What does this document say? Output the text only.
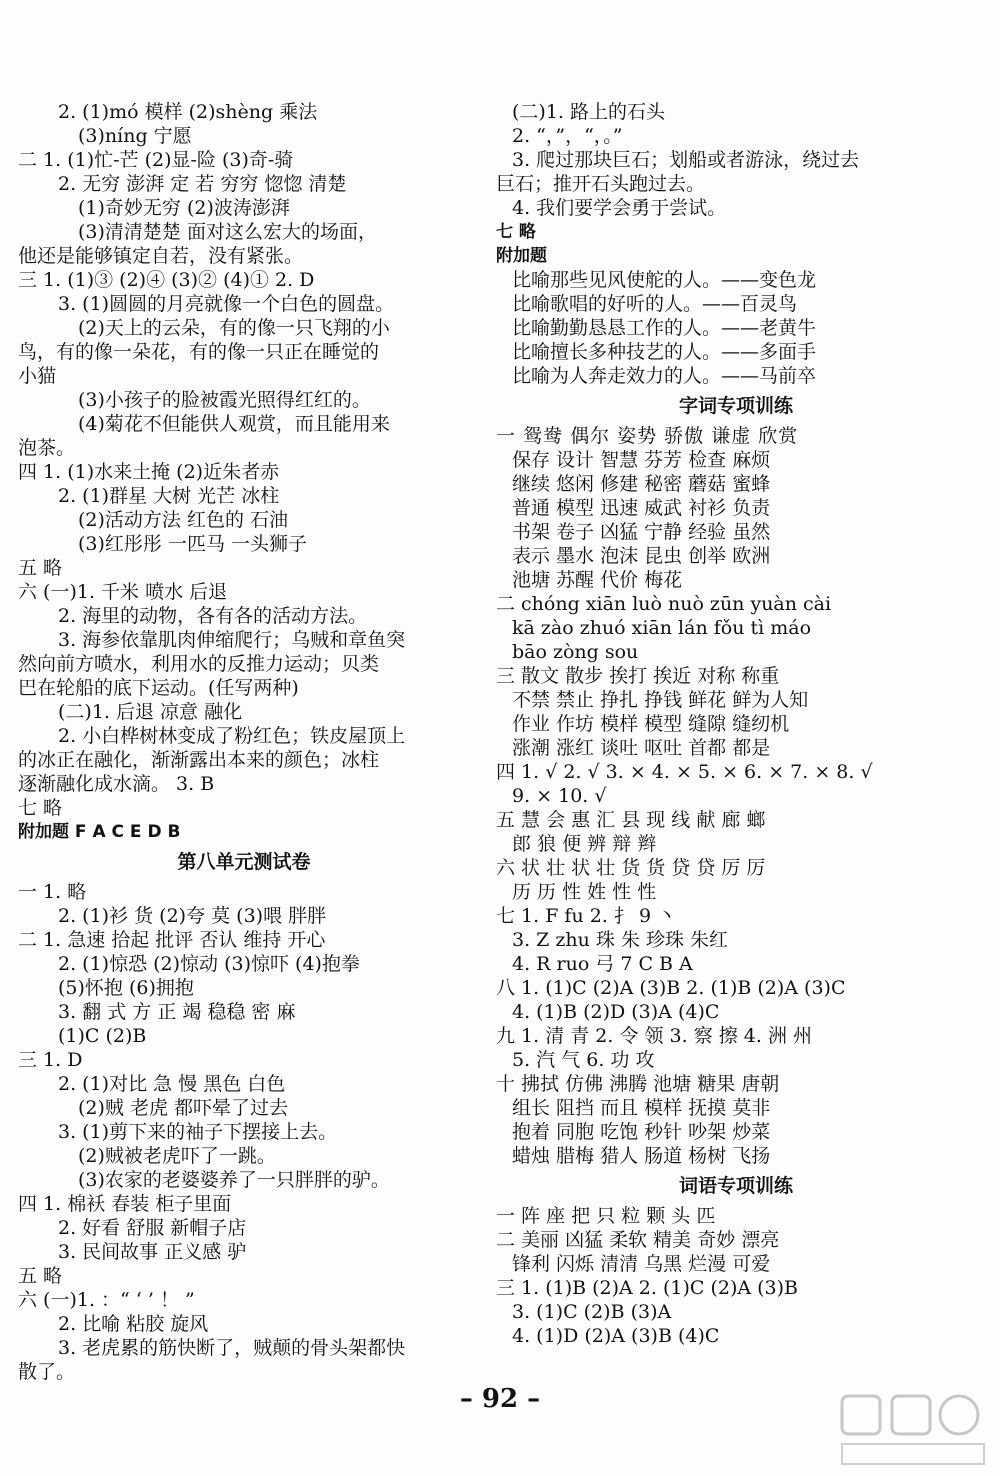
2. (1)mó 模样 (2)shèng 乘法
(3)níng 宁愿
二 1. (1)忙-芒 (2)显-险 (3)奇-骑
2. 无穷 澎湃 定 若 穷穷 惚惚 清楚
(1)奇妙无穷 (2)波涛澎湃
(3)清清楚楚 面对这么宏大的场面，
他还是能够镇定自若，没有紧张。
三 1. (1)③ (2)④ (3)② (4)① 2. D
3. (1)圆圆的月亮就像一个白色的圆盘。
(2)天上的云朵，有的像一只飞翔的小
鸟，有的像一朵花，有的像一只正在睡觉的
小猫
(3)小孩子的脸被霞光照得红红的。
(4)菊花不但能供人观赏，而且能用来
泡茶。
四 1. (1)水来土掩 (2)近朱者赤
2. (1)群星 大树 光芒 冰柱
(2)活动方法 红色的 石油
(3)红彤彤 一匹马 一头狮子
五 略
六 (一)1. 千米 喷水 后退
2. 海里的动物，各有各的活动方法。
3. 海参依靠肌肉伸缩爬行；乌贼和章鱼突
然向前方喷水，利用水的反推力运动；贝类
巴在轮船的底下运动。(任写两种)
(二)1. 后退 凉意 融化
2. 小白桦树林变成了粉红色；铁皮屋顶上
的冰正在融化，渐渐露出本来的颜色；冰柱
逐渐融化成水滴。 3. B
七 略
附加题 F A C E D B
第八单元测试卷
一 1. 略
2. (1)衫 货 (2)夸 莫 (3)喂 胖胖
二 1. 急速 拾起 批评 否认 维持 开心
2. (1)惊恐 (2)惊动 (3)惊吓 (4)抱拳
(5)怀抱 (6)拥抱
3. 翻 式 方 正 竭 稳稳 密 麻
(1)C (2)B
三 1. D
2. (1)对比 急 慢 黑色 白色
(2)贼 老虎 都吓晕了过去
3. (1)剪下来的袖子下摆接上去。
(2)贼被老虎吓了一跳。
(3)农家的老婆婆养了一只胖胖的驴。
四 1. 棉袄 春装 柜子里面
2. 好看 舒服 新帽子店
3. 民间故事 正义感 驴
五 略
六 (一)1. ：“ ‘ ’ ！ ”
2. 比喻 粘胶 旋风
3. 老虎累的筋快断了，贼颠的骨头架都快
散了。
(二)1. 路上的石头
2. “，”，“，。”
3. 爬过那块巨石；划船或者游泳，绕过去
巨石；推开石头跑过去。
4. 我们要学会勇于尝试。
七 略
附加题
比喻那些见风使舵的人。——变色龙
比喻歌唱的好听的人。——百灵鸟
比喻勤勤恳恳工作的人。——老黄牛
比喻擅长多种技艺的人。——多面手
比喻为人奔走效力的人。——马前卒
字词专项训练
一 鸳鸯 偶尔 姿势 骄傲 谦虚 欣赏
保存 设计 智慧 芬芳 检查 麻烦
继续 悠闲 修建 秘密 蘑菇 蜜蜂
普通 模型 迅速 威武 衬衫 负责
书架 卷子 凶猛 宁静 经验 虽然
表示 墨水 泡沫 昆虫 创举 欧洲
池塘 苏醒 代价 梅花
二 chóng xiān luò nuò zūn yuàn cài
kā zào zhuó xiān lán fǒu tì máo
bāo zòng sou
三 散文 散步 挨打 挨近 对称 称重
不禁 禁止 挣扎 挣钱 鲜花 鲜为人知
作业 作坊 模样 模型 缝隙 缝纫机
涨潮 涨红 谈吐 呕吐 首都 都是
四 1. √ 2. √ 3. × 4. × 5. × 6. × 7. × 8. √
9. × 10. √
五 慧 会 惠 汇 县 现 线 献 廊 螂
郎 狼 便 辨 辩 辫
六 状 壮 状 壮 货 货 贷 贷 厉 厉
历 历 性 姓 性 性
七 1. F fu 2. 扌 9 丶
3. Z zhu 珠 朱 珍珠 朱红
4. R ruo 弓 7 C B A
八 1. (1)C (2)A (3)B 2. (1)B (2)A (3)C
4. (1)B (2)D (3)A (4)C
九 1. 清 青 2. 令 领 3. 察 擦 4. 洲 州
5. 汽 气 6. 功 攻
十 拂拭 仿佛 沸腾 池塘 糖果 唐朝
组长 阻挡 而且 模样 抚摸 莫非
抱着 同胞 吃饱 秒针 吵架 炒菜
蜡烛 腊梅 猎人 肠道 杨树 飞扬
词语专项训练
一 阵 座 把 只 粒 颗 头 匹
二 美丽 凶猛 柔软 精美 奇妙 漂亮
锋利 闪烁 清清 乌黑 烂漫 可爱
三 1. (1)B (2)A 2. (1)C (2)A (3)B
3. (1)C (2)B (3)A
4. (1)D (2)A (3)B (4)C
– 92 –
